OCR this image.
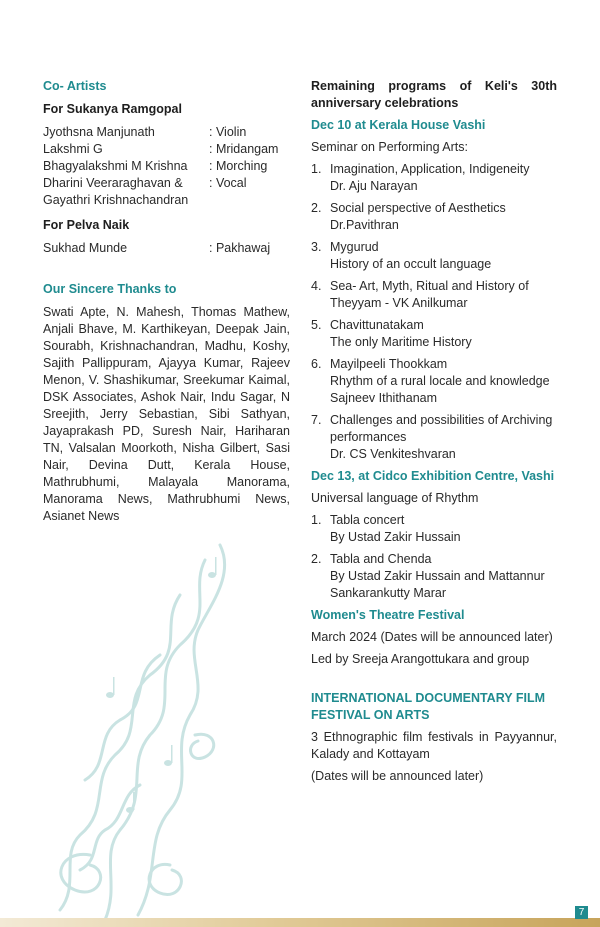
Co- Artists
For Sukanya Ramgopal
Jyothsna Manjunath	: Violin
Lakshmi G	: Mridangam
Bhagyalakshmi M Krishna	: Morching
Dharini Veeraraghavan &	: Vocal
Gayathri Krishnachandran
For Pelva Naik
Sukhad Munde	: Pakhawaj
Our Sincere Thanks to
Swati Apte, N. Mahesh, Thomas Mathew, Anjali Bhave, M. Karthikeyan, Deepak Jain, Sourabh, Krishnachandran, Madhu, Koshy, Sajith Pallippuram, Ajayya Kumar, Rajeev Menon, V. Shashikumar, Sreekumar Kaimal, DSK Associates, Ashok Nair, Indu Sagar, N Sreejith, Jerry Sebastian, Sibi Sathyan, Jayaprakash PD, Suresh Nair, Hariharan TN, Valsalan Moorkoth, Nisha Gilbert, Sasi Nair, Devina Dutt, Kerala House, Mathrubhumi, Malayala Manorama, Manorama News, Mathrubhumi News, Asianet News
Remaining programs of Keli's 30th anniversary celebrations
Dec 10 at Kerala House Vashi
Seminar on Performing Arts:
1. Imagination, Application, Indigeneity
Dr. Aju Narayan
2. Social perspective of Aesthetics
Dr.Pavithran
3. Mygurud
History of an occult language
4. Sea- Art, Myth, Ritual and History of Theyyam - VK Anilkumar
5. Chavittunatakam
The only Maritime History
6. Mayilpeeli Thookkam
Rhythm of a rural locale and knowledge
Sajneev Ithithanam
7. Challenges and possibilities of Archiving performances
Dr. CS Venkiteshvaran
Dec 13, at Cidco Exhibition Centre, Vashi
Universal language of Rhythm
1. Tabla concert
By Ustad Zakir Hussain
2. Tabla and Chenda
By Ustad Zakir Hussain and Mattannur Sankarankutty Marar
Women's Theatre Festival
March 2024 (Dates will be announced later)
Led by Sreeja Arangottukara and group
INTERNATIONAL DOCUMENTARY FILM FESTIVAL ON ARTS
3 Ethnographic film festivals in Payyannur, Kalady and Kottayam
(Dates will be announced later)
7
